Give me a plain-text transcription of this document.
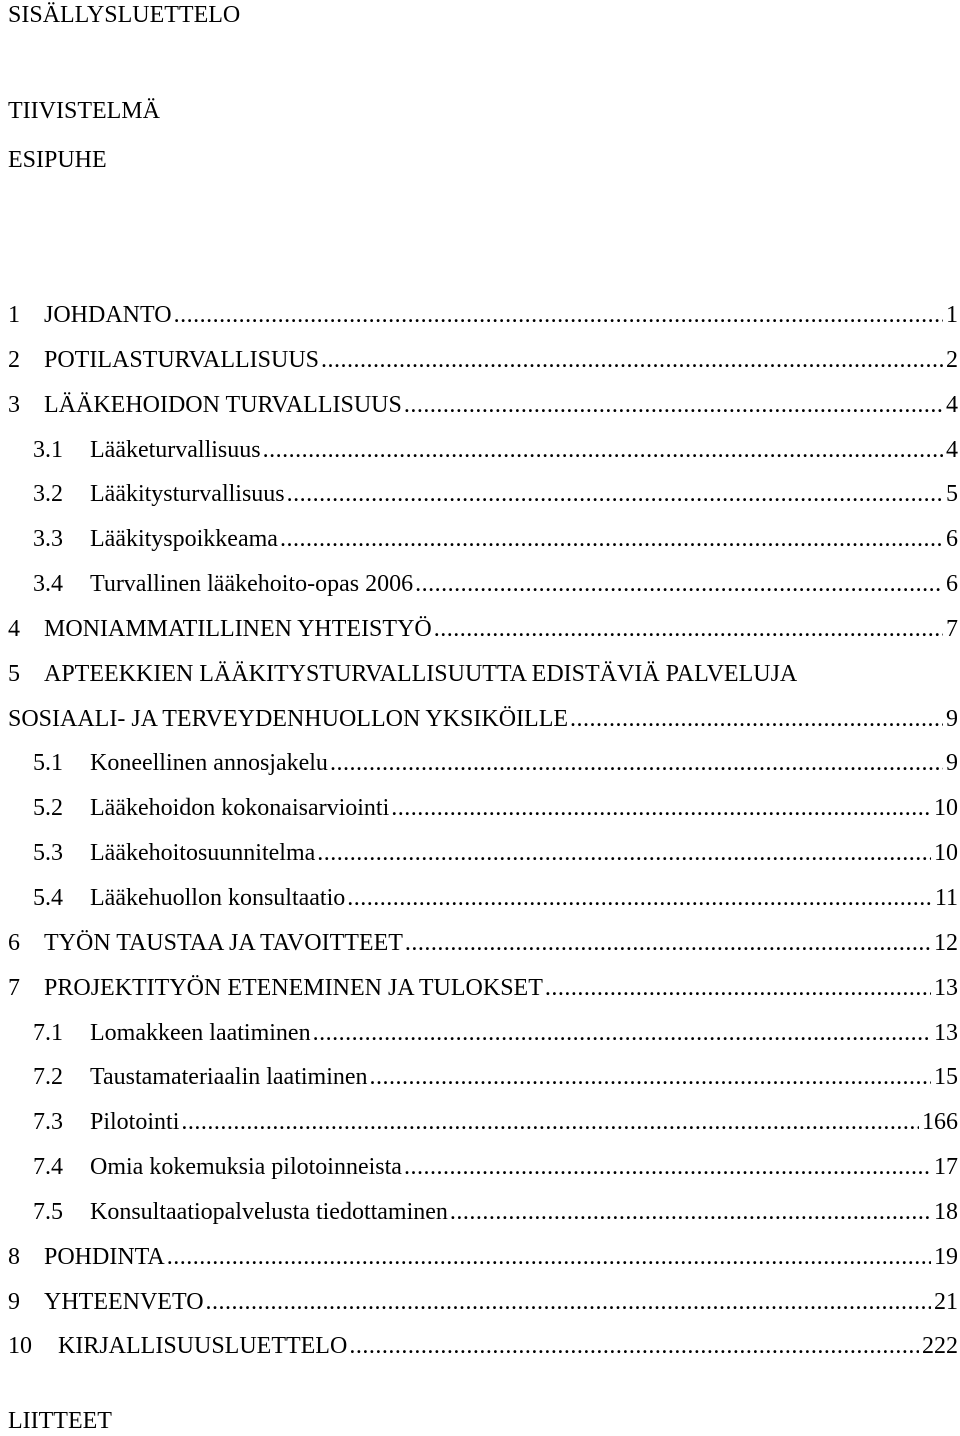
SISÄLLYSLUETTELO
TIIVISTELMÄ
ESIPUHE
1	JOHDANTO .....	1
2	POTILASTURVALLISUUS .....	2
3	LÄÄKEHOIDON TURVALLISUUS .....	4
3.1	Lääketurvallisuus .....	4
3.2	Lääkitysturvallisuus .....	5
3.3	Lääkityspoikkeama .....	6
3.4	Turvallinen lääkehoito-opas 2006 .....	6
4	MONIAMMATILLINEN YHTEISTYÖ .....	7
5	APTEEKKIEN LÄÄKITYSTURVALLISUUTTA EDISTÄVIÄ PALVELUJA
SOSIAALI- JA TERVEYDENHUOLLON YKSIKÖILLE .....	9
5.1	Koneellinen annosjakelu .....	9
5.2	Lääkehoidon kokonaisarviointi .....	10
5.3	Lääkehoitosuunnitelma .....	10
5.4	Lääkehuollon konsultaatio .....	11
6	TYÖN TAUSTAA JA TAVOITTEET .....	12
7	PROJEKTITYÖN ETENEMINEN JA TULOKSET .....	13
7.1	Lomakkeen laatiminen .....	13
7.2	Taustamateriaalin laatiminen .....	15
7.3	Pilotointi .....	166
7.4	Omia kokemuksia pilotoinneista .....	17
7.5	Konsultaatiopalvelusta tiedottaminen .....	18
8	POHDINTA .....	19
9	YHTEENVETO .....	21
10	KIRJALLISUUSLUETTELO .....	222
LIITTEET
